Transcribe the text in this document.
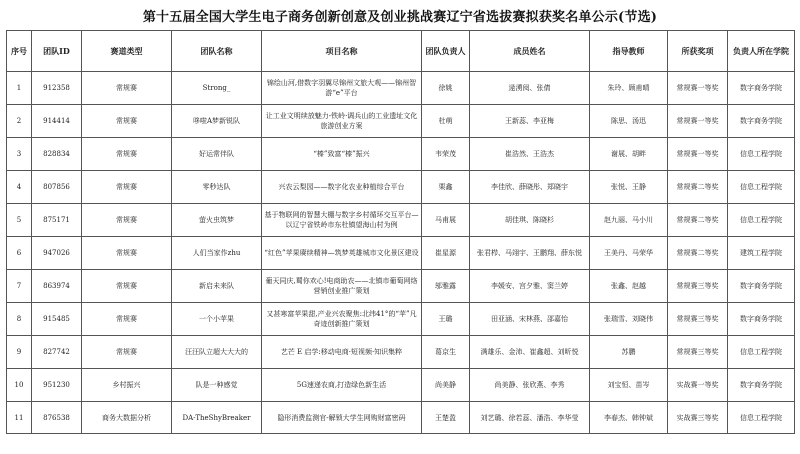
第十五届全国大学生电子商务创新创意及创业挑战赛辽宁省选拔赛拟获奖名单公示(节选)
序号	团队ID	赛道类型	团队名称	项目名称	团队负责人	成员姓名	指导教师	所获奖项	负责人所在学院
1	912358	常规赛	Strong_	锦绘山河,借数字羽翼尽锦州文旅大观——锦州智游“e”平台	徐姚	逯湧阅、张倩	朱玲、顾甫晴	常规赛一等奖	数字商务学院
2	914414	常规赛	哆啦A梦新锐队	让工业文明续放魅力-铁岭·调兵山的工业遗址文化旅游创业方案	杜萌	王新蕊、李亚梅	陈思、汤迅	常规赛一等奖	数字商务学院
3	828834	常规赛	好运常伴队	“榛”致富“榛”振兴	韦荣茂	崔浩然、王浩杰	谢展、胡畔	常规赛一等奖	信息工程学院
4	807856	常规赛	零秒达队	兴农云梨园——数字化农业种植综合平台	栗鑫	李佳欣、薛晓彤、郑晓宇	张悦、王静	常规赛二等奖	信息工程学院
5	875171	常规赛	萤火虫筑梦	基于物联网的智慧大棚与数字乡村循环交互平台—以辽宁省铁岭市东杜镇望海山村为例	马甫展	胡佳琪、陈晓杉	赵九丽、马小川	常规赛二等奖	信息工程学院
6	947026	常规赛	人们当家作zhu	“红色”苹果赓续精神—筑梦英雄城市文化景区建设	崔星源	张君栉、马翊宇、王鹏翔、薛东悦	王美丹、马荣华	常规赛二等奖	建筑工程学院
7	863974	常规赛	新启未来队	葡天同庆,蜀你欢心!电商助农——北镇市葡萄网络营销创业推广策划	邬雅露	李媛安、宫夕雅、窦兰婷	张鑫、赵越	常规赛三等奖	数字商务学院
8	915485	常规赛	一个小苹果	又甚寒富苹果甜,产业兴农聚焦:北纬41°的“苹”凡奇迹创新推广策划	王璐	田亚涵、宋林燕、邵嘉怡	张瑞雪、刘晓伟	常规赛三等奖	数字商务学院
9	827742	常规赛	汪汪队立超大大大的	艺芒 E 启学:移动电商·短视频·知识集粹	葛京生	满雄乐、金沛、崔鑫超、刘昕悦	苏鹏	常规赛三等奖	信息工程学院
10	951230	乡村振兴	队是一种感觉	5G速递农商,打造绿色新生活	尚美静	尚美静、张欣燕、李秀	刘宝恒、苗岑	实战赛一等奖	数字商务学院
11	876538	商务大数据分析	DA-TheShyBreaker	隐形消费监测官-解锁大学生网购财富密码	王楚盈	刘艺璐、徐若蕊、潘浩、李华莹	李春杰、韩钟斌	实战赛三等奖	信息工程学院
